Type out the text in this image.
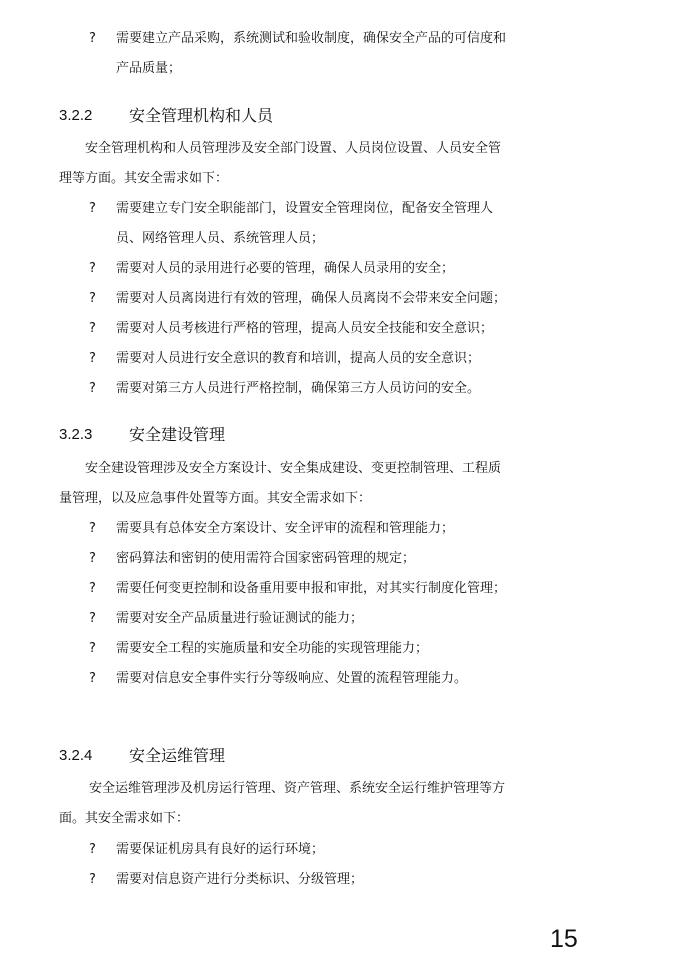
?	需要建立产品采购，系统测试和验收制度，确保安全产品的可信度和
产品质量；
3.2.2 安全管理机构和人员
安全管理机构和人员管理涉及安全部门设置、人员岗位设置、人员安全管
理等方面。其安全需求如下：
?	需要建立专门安全职能部门，设置安全管理岗位，配备安全管理人
员、网络管理人员、系统管理人员；
?	需要对人员的录用进行必要的管理，确保人员录用的安全；
?	需要对人员离岗进行有效的管理，确保人员离岗不会带来安全问题；
?	需要对人员考核进行严格的管理，提高人员安全技能和安全意识；
?	需要对人员进行安全意识的教育和培训，提高人员的安全意识；
?	需要对第三方人员进行严格控制，确保第三方人员访问的安全。
3.2.3 安全建设管理
安全建设管理涉及安全方案设计、安全集成建设、变更控制管理、工程质
量管理，以及应急事件处置等方面。其安全需求如下：
?	需要具有总体安全方案设计、安全评审的流程和管理能力；
?	密码算法和密钥的使用需符合国家密码管理的规定；
?	需要任何变更控制和设备重用要申报和审批，对其实行制度化管理；
?	需要对安全产品质量进行验证测试的能力；
?	需要安全工程的实施质量和安全功能的实现管理能力；
?	需要对信息安全事件实行分等级响应、处置的流程管理能力。
3.2.4 安全运维管理
安全运维管理涉及机房运行管理、资产管理、系统安全运行维护管理等方
面。其安全需求如下：
?	需要保证机房具有良好的运行环境；
?	需要对信息资产进行分类标识、分级管理；
15
